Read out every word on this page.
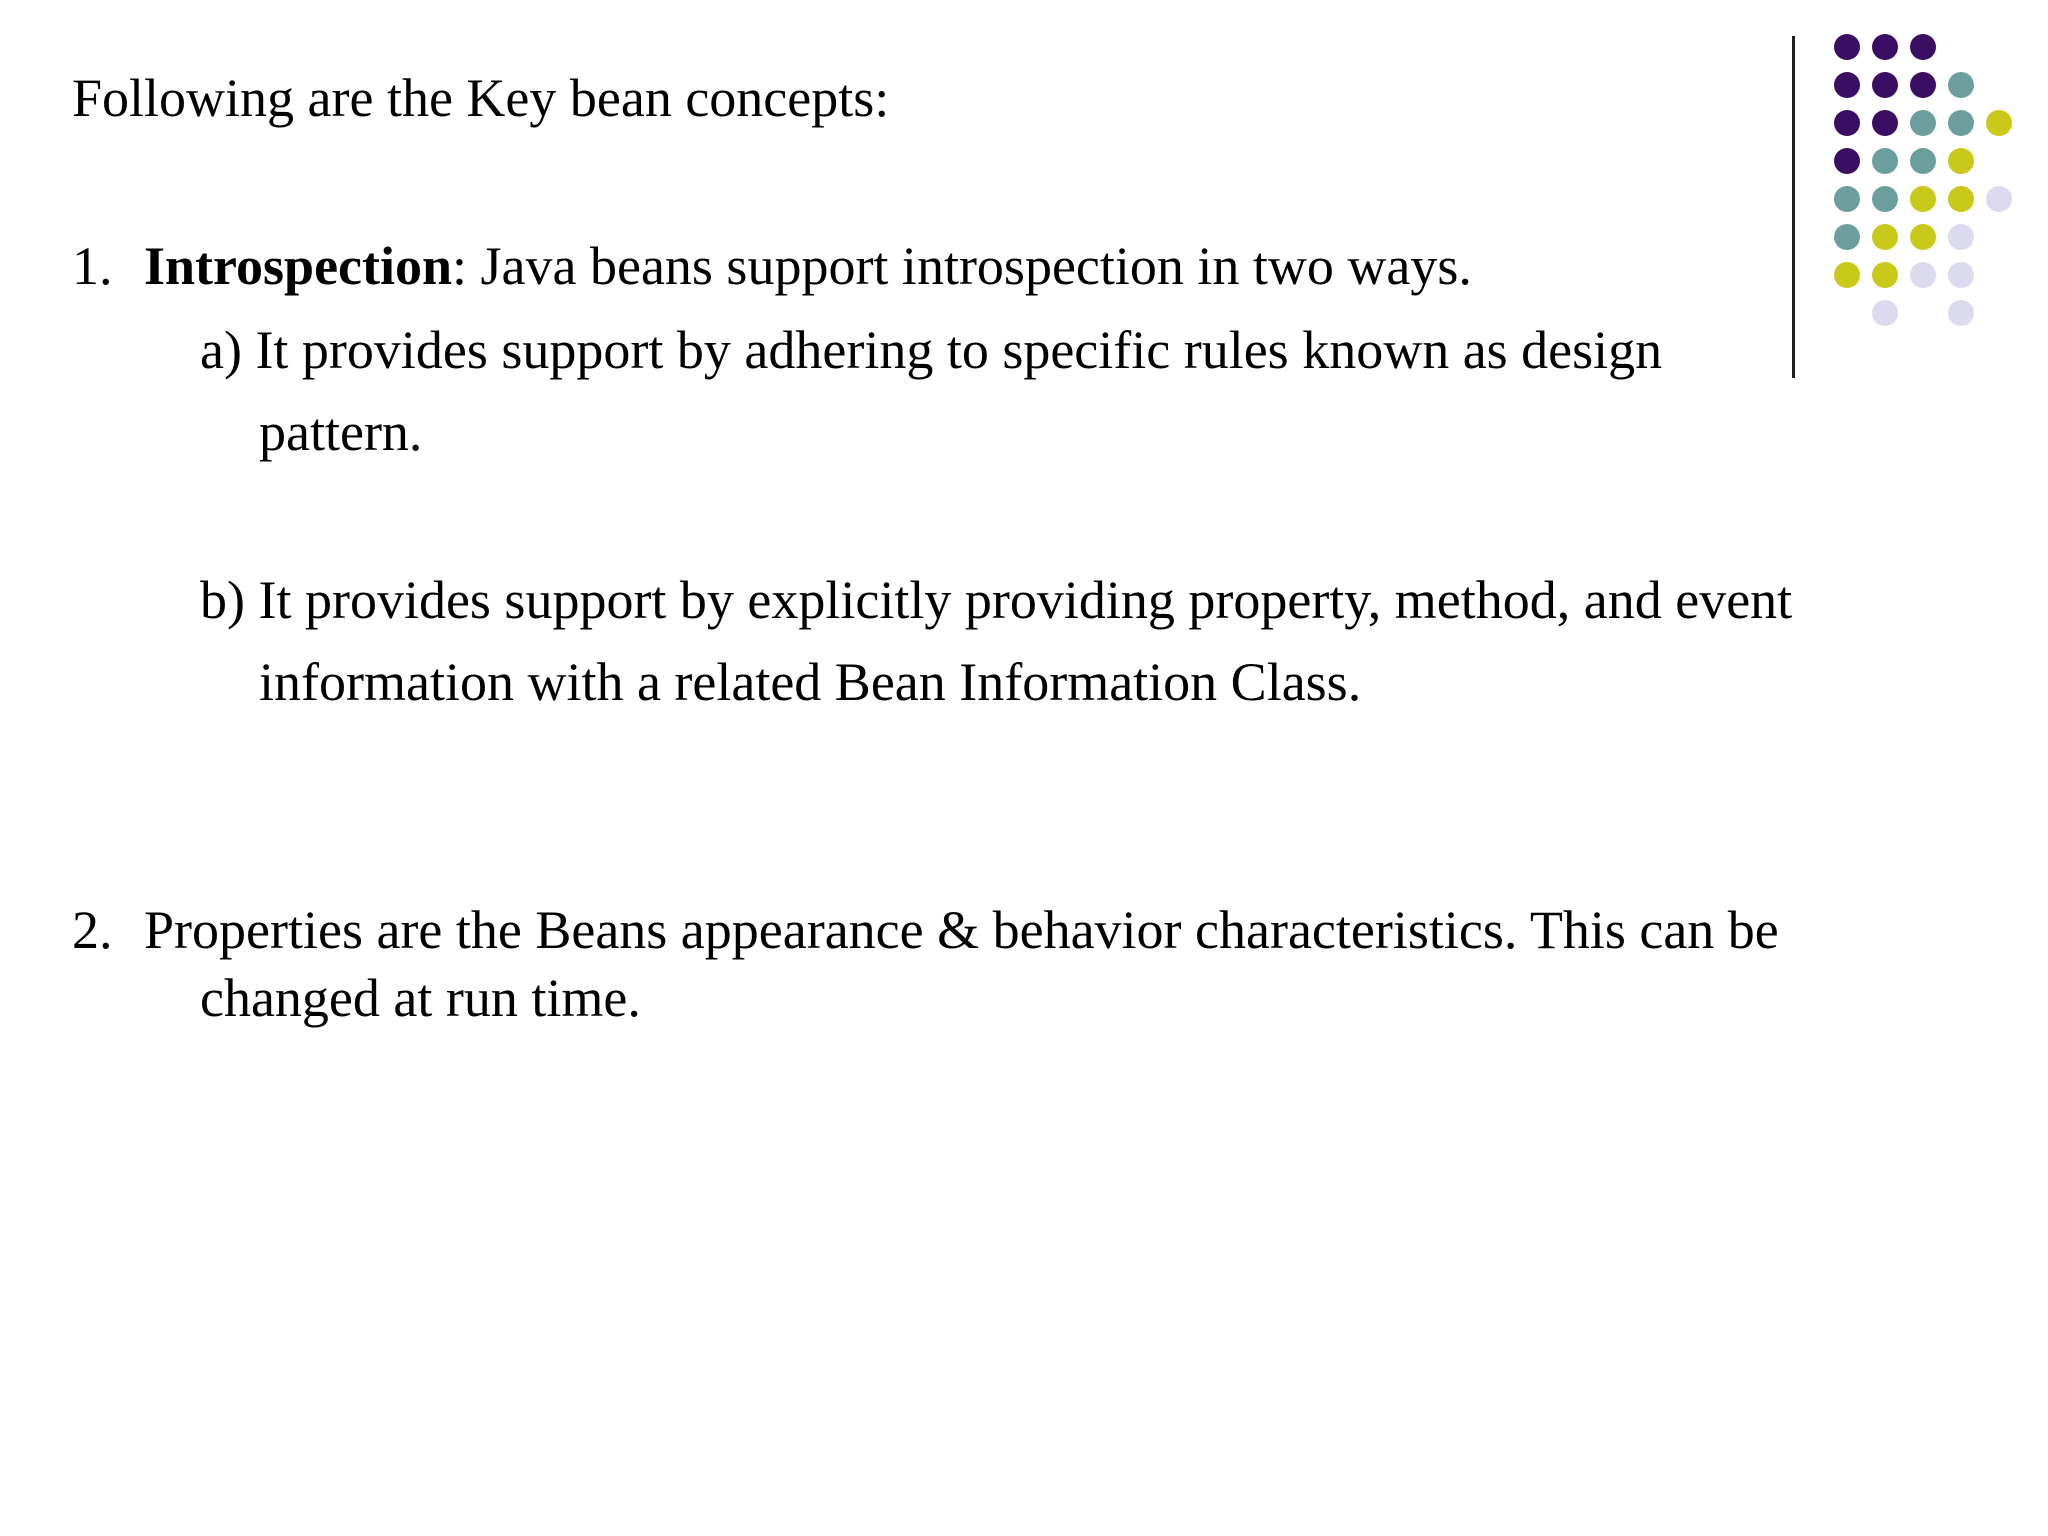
Following are the Key bean concepts:

1. Introspection: Java beans support introspection in two ways.

a) It provides support by adhering to specific rules known as design

pattern.

b) It provides support by explicitly providing property, method, and event

information with a related Bean Information Class.

2. Properties are the Beans appearance & behavior characteristics. This can be

changed at run time.
